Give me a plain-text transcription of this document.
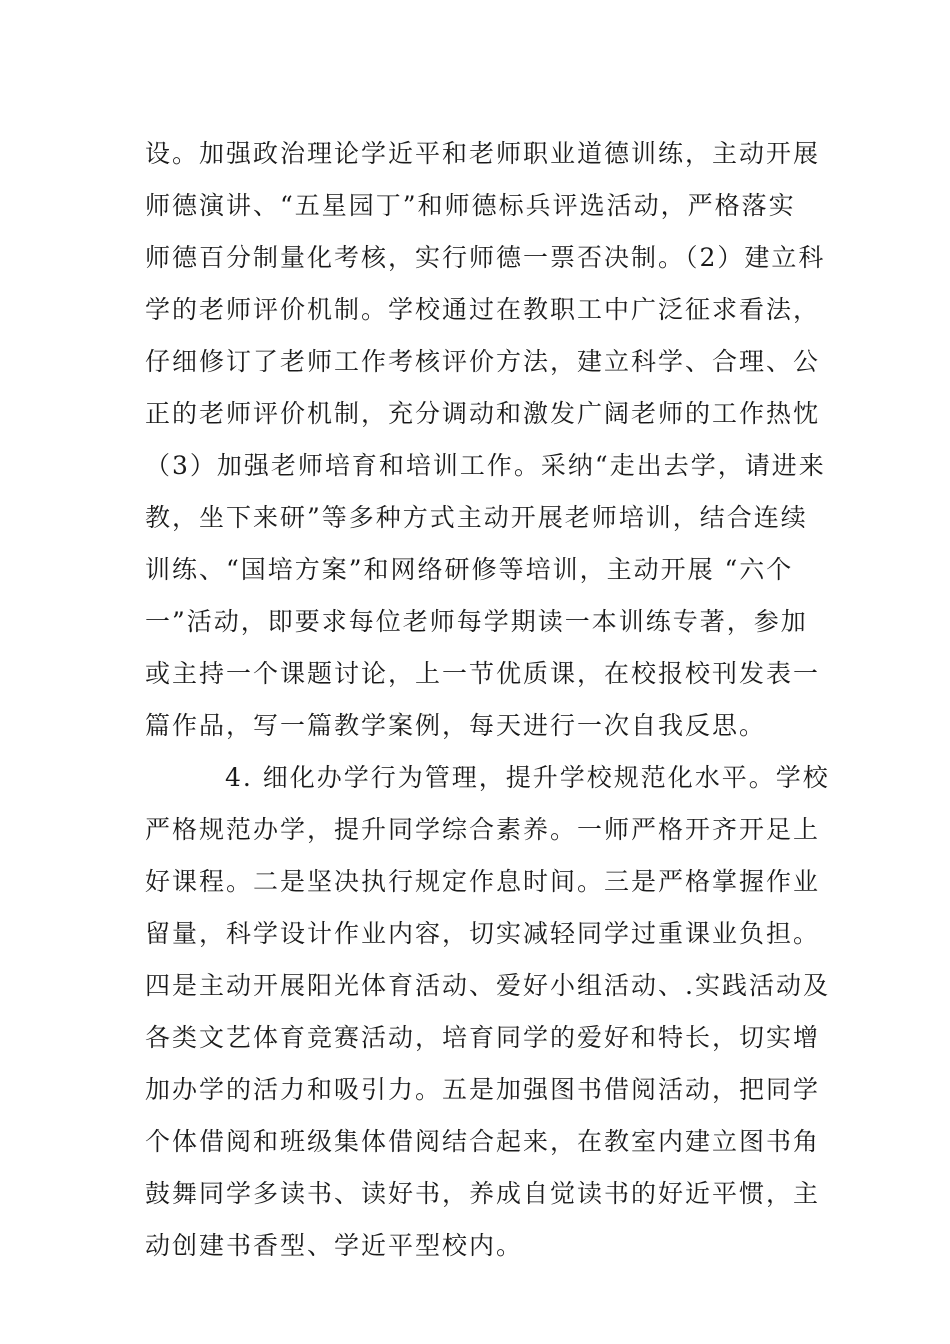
设。加强政治理论学近平和老师职业道德训练，主动开展
师德演讲、“五星园丁”和师德标兵评选活动，严格落实
师德百分制量化考核，实行师德一票否决制。（2）建立科
学的老师评价机制。学校通过在教职工中广泛征求看法，
仔细修订了老师工作考核评价方法，建立科学、合理、公
正的老师评价机制，充分调动和激发广阔老师的工作热忱
（3）加强老师培育和培训工作。采纳“走出去学，请进来
教，坐下来研”等多种方式主动开展老师培训，结合连续
训练、“国培方案”和网络研修等培训，主动开展 “六个
一”活动，即要求每位老师每学期读一本训练专著，参加
或主持一个课题讨论，上一节优质课，在校报校刊发表一
篇作品，写一篇教学案例，每天进行一次自我反思。
4. 细化办学行为管理，提升学校规范化水平。学校
严格规范办学，提升同学综合素养。一师严格开齐开足上
好课程。二是坚决执行规定作息时间。三是严格掌握作业
留量，科学设计作业内容，切实减轻同学过重课业负担。
四是主动开展阳光体育活动、爱好小组活动、.实践活动及
各类文艺体育竞赛活动，培育同学的爱好和特长，切实增
加办学的活力和吸引力。五是加强图书借阅活动，把同学
个体借阅和班级集体借阅结合起来，在教室内建立图书角
鼓舞同学多读书、读好书，养成自觉读书的好近平惯，主
动创建书香型、学近平型校内。
